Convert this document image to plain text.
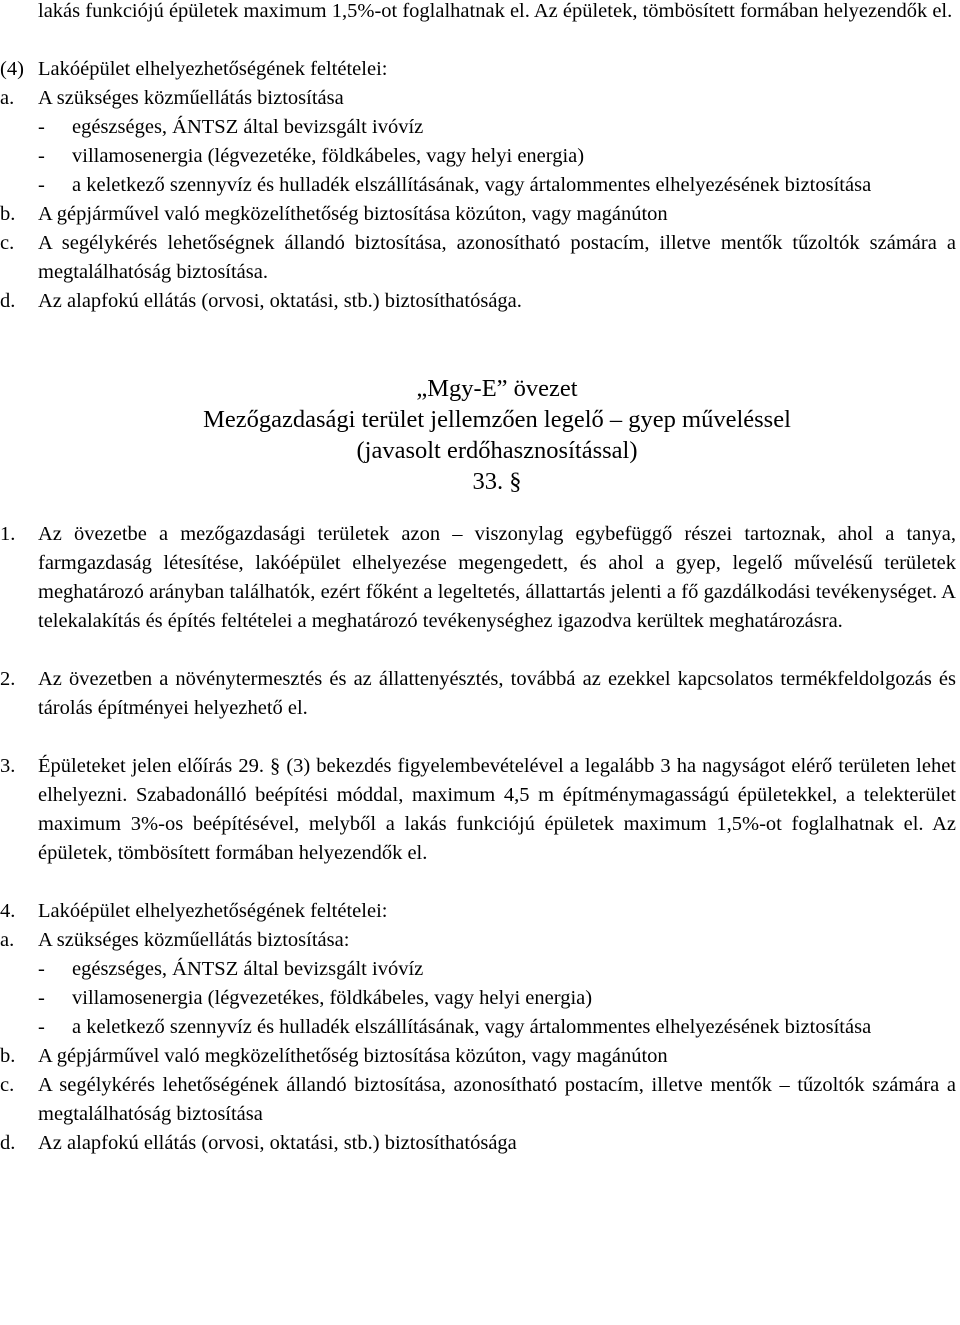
lakás funkciójú épületek maximum 1,5%-ot foglalhatnak el. Az épületek, tömbösített formában helyezendők el.

(4) Lakóépület elhelyezhetőségének feltételei:
a.	A szükséges közműellátás biztosítása
-	egészséges, ÁNTSZ által bevizsgált ivóvíz
-	villamosenergia (légvezetéke, földkábeles, vagy helyi energia)
-	a keletkező szennyvíz és hulladék elszállításának, vagy ártalommentes elhelyezésének biztosítása
b.	A gépjárművel való megközelíthetőség biztosítása közúton, vagy magánúton
c.	A segélykérés lehetőségnek állandó biztosítása, azonosítható postacím, illetve mentők tűzoltók számára a megtalálhatóság biztosítása.
d.	Az alapfokú ellátás (orvosi, oktatási, stb.) biztosíthatósága.
„Mgy-E” övezet
Mezőgazdasági terület jellemzően legelő – gyep műveléssel
(javasolt erdőhasznosítással)
33. §

1. Az övezetbe a mezőgazdasági területek azon – viszonylag egybefüggő részei tartoznak, ahol a tanya, farmgazdaság létesítése, lakóépület elhelyezése megengedett, és ahol a gyep, legelő művelésű területek meghatározó arányban találhatók, ezért főként a legeltetés, állattartás jelenti a fő gazdálkodási tevékenységet. A telekalakítás és építés feltételei a meghatározó tevékenységhez igazodva kerültek meghatározásra.

2. Az övezetben a növénytermesztés és az állattenyésztés, továbbá az ezekkel kapcsolatos termékfeldolgozás és tárolás építményei helyezhető el.

3. Épületeket jelen előírás 29. § (3) bekezdés figyelembevételével a legalább 3 ha nagyságot elérő területen lehet elhelyezni. Szabadonálló beépítési móddal, maximum 4,5 m építménymagasságú épületekkel, a telekterület maximum 3%-os beépítésével, melyből a lakás funkciójú épületek maximum 1,5%-ot foglalhatnak el. Az épületek, tömbösített formában helyezendők el.

4.	Lakóépület elhelyezhetőségének feltételei:
a.	A szükséges közműellátás biztosítása:
-	egészséges, ÁNTSZ által bevizsgált ivóvíz
-	villamosenergia (légvezetékes, földkábeles, vagy helyi energia)
-	a keletkező szennyvíz és hulladék elszállításának, vagy ártalommentes elhelyezésének biztosítása
b.	A gépjárművel való megközelíthetőség biztosítása közúton, vagy magánúton
c.	A segélykérés lehetőségének állandó biztosítása, azonosítható postacím, illetve mentők – tűzoltók számára a megtalálhatóság biztosítása
d.	Az alapfokú ellátás (orvosi, oktatási, stb.) biztosíthatósága
